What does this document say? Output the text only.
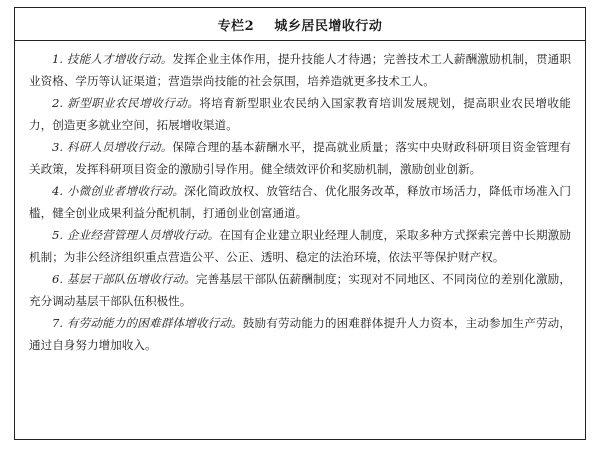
专栏2
城乡居民增收行动

1. 技能人才增收行动。发挥企业主体作用，提升技能人才待遇；完善技术工人薪酬激励机制，贯通职业资格、学历等认证渠道；营造崇尚技能的社会氛围，培养造就更多技术工人。

2. 新型职业农民增收行动。将培育新型职业农民纳入国家教育培训发展规划，提高职业农民增收能力，创造更多就业空间，拓展增收渠道。

3. 科研人员增收行动。保障合理的基本薪酬水平，提高就业质量；落实中央财政科研项目资金管理有关政策，发挥科研项目资金的激励引导作用。健全绩效评价和奖励机制，激励创业创新。

4. 小微创业者增收行动。深化简政放权、放管结合、优化服务改革，释放市场活力，降低市场准入门槛，健全创业成果利益分配机制，打通创业创富通道。

5. 企业经营管理人员增收行动。在国有企业建立职业经理人制度，采取多种方式探索完善中长期激励机制；为非公经济组织重点营造公平、公正、透明、稳定的法治环境，依法平等保护财产权。

6. 基层干部队伍增收行动。完善基层干部队伍薪酬制度；实现对不同地区、不同岗位的差别化激励，充分调动基层干部队伍积极性。

7. 有劳动能力的困难群体增收行动。鼓励有劳动能力的困难群体提升人力资本，主动参加生产劳动，通过自身努力增加收入。
